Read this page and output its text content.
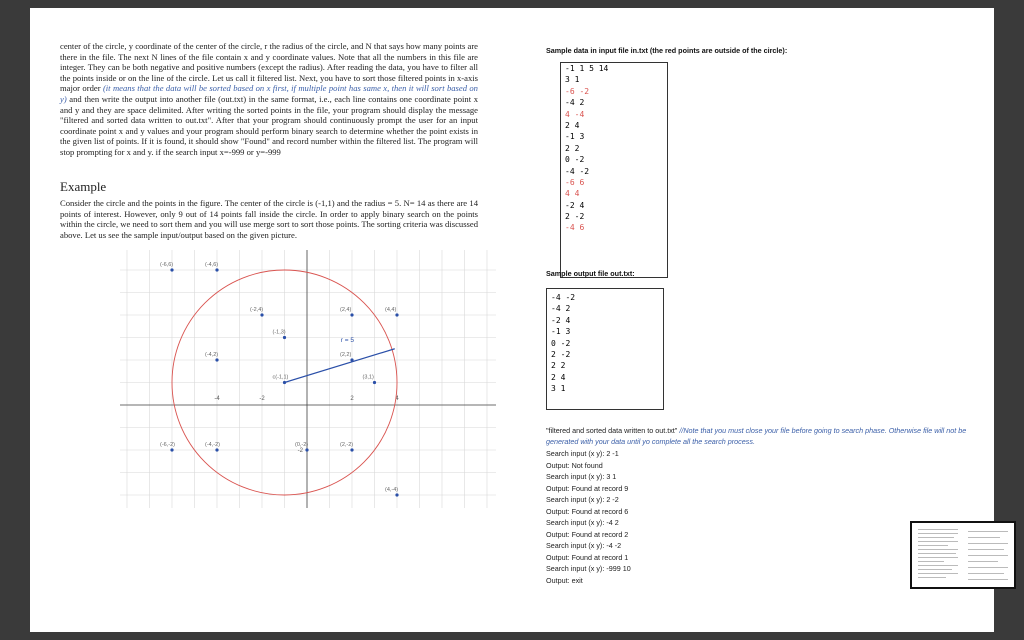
center of the circle, y coordinate of the center of the circle, r the radius of the circle, and N that says how many points are there in the file. The next N lines of the file contain x and y coordinate values. Note that all the numbers in this file are integer. They can be both negative and positive numbers (except the radius). After reading the data, you have to filter all the points inside or on the line of the circle. Let us call it filtered list. Next, you have to sort those filtered points in x-axis major order (it means that the data will be sorted based on x first, if multiple point has same x, then it will sort based on y) and then write the output into another file (out.txt) in the same format, i.e., each line contains one coordinate point x and y and they are space delimited. After writing the sorted points in the file, your program should display the message "filtered and sorted data written to out.txt". After that your program should continuously prompt the user for an input coordinate point x and y values and your program should perform binary search to determine whether the point exists in the given list of points. If it is found, it should show "Found" and record number within the filtered list. The program will stop prompting for x and y. if the search input x=-999 or y=-999
Example
Consider the circle and the points in the figure. The center of the circle is (-1,1) and the radius = 5. N= 14 as there are 14 points of interest. However, only 9 out of 14 points fall inside the circle. In order to apply binary search on the points within the circle, we need to sort them and you will use merge sort to sort those points. The sorting criteria was discussed above. Let us see the sample input/output based on the given picture.
-4	-2	2	4
-2
r = 5
(-6,6)	(-4,6)
(-4,2)
(-2,4)	(2,4)	(4,4)
(-1,3)
(2,2)
c(-1,1)	(3,1)
(-6,-2)	(-4,-2)	(0,-2)	(2,-2)
(4,-4)
Sample data in input file in.txt (the red points are outside of the circle):
-1 1 5 14
3 1
-6 -2
-4 2
4 -4
2 4
-1 3
2 2
0 -2
-4 -2
-6 6
4 4
-2 4
2 -2
-4 6
Sample output file out.txt:
-4 -2
-4 2
-2 4
-1 3
0 -2
2 -2
2 2
2 4
3 1
"filtered and sorted data written to out.txt" //Note that you must close your file before going to search phase. Otherwise file will not be generated with your data until yo complete all the search process.
Search input (x y): 2 -1
Output: Not found
Search input (x y): 3 1
Output: Found at record 9
Search input (x y): 2 -2
Output: Found at record 6
Search input (x y): -4 2
Output: Found at record 2
Search input (x y): -4 -2
Output: Found at record 1
Search input (x y): -999 10
Output: exit
